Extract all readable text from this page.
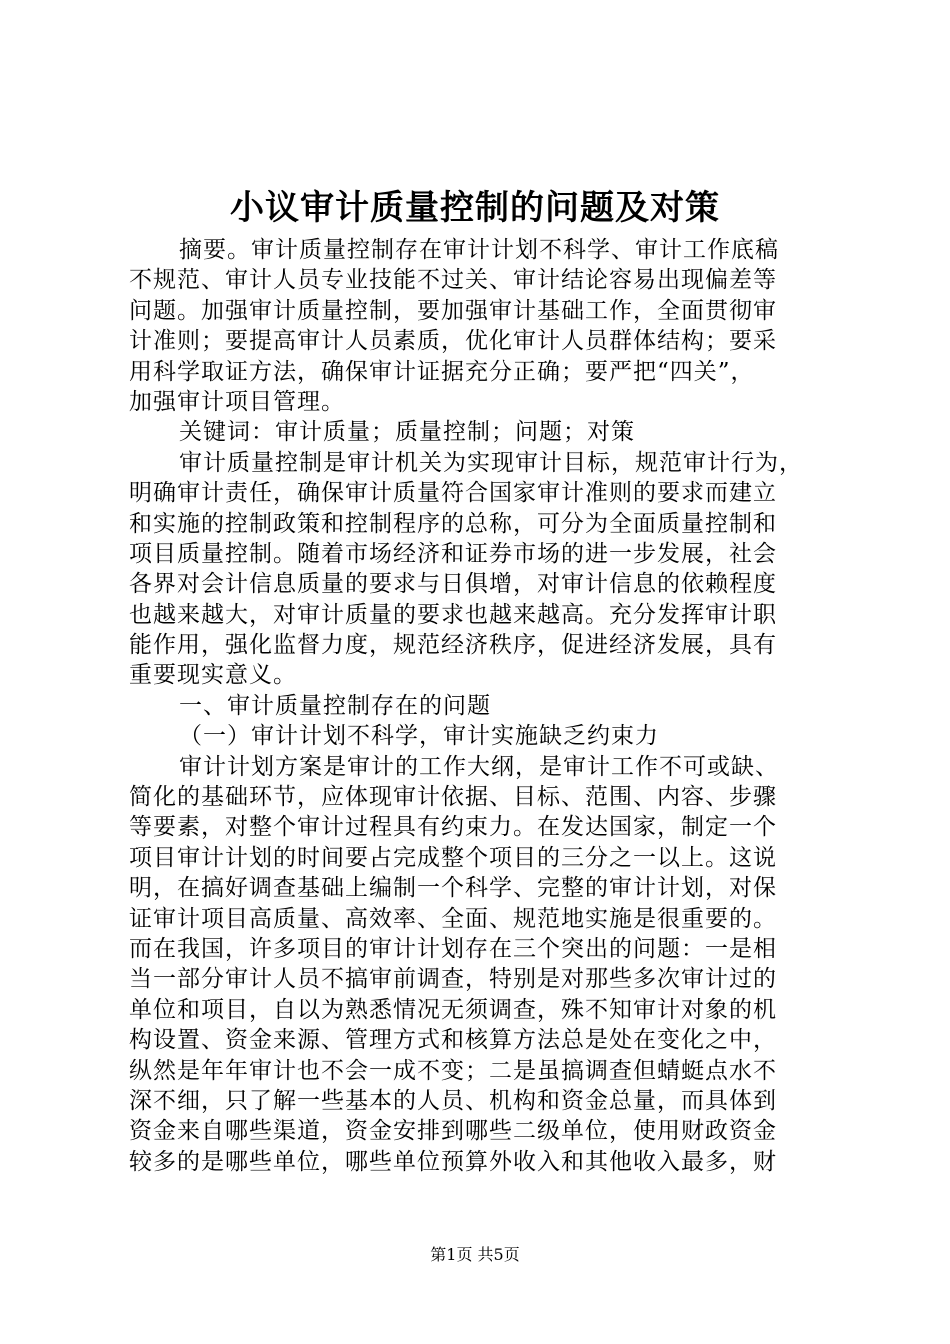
小议审计质量控制的问题及对策
摘要。审计质量控制存在审计计划不科学、审计工作底稿
不规范、审计人员专业技能不过关、审计结论容易出现偏差等
问题。加强审计质量控制，要加强审计基础工作，全面贯彻审
计准则；要提高审计人员素质，优化审计人员群体结构；要采
用科学取证方法，确保审计证据充分正确；要严把“四关”，
加强审计项目管理。
关键词：审计质量；质量控制；问题；对策
审计质量控制是审计机关为实现审计目标，规范审计行为，
明确审计责任，确保审计质量符合国家审计准则的要求而建立
和实施的控制政策和控制程序的总称，可分为全面质量控制和
项目质量控制。随着市场经济和证券市场的进一步发展，社会
各界对会计信息质量的要求与日俱增，对审计信息的依赖程度
也越来越大，对审计质量的要求也越来越高。充分发挥审计职
能作用，强化监督力度，规范经济秩序，促进经济发展，具有
重要现实意义。
一、审计质量控制存在的问题
（一）审计计划不科学，审计实施缺乏约束力
审计计划方案是审计的工作大纲，是审计工作不可或缺、
简化的基础环节，应体现审计依据、目标、范围、内容、步骤
等要素，对整个审计过程具有约束力。在发达国家，制定一个
项目审计计划的时间要占完成整个项目的三分之一以上。这说
明，在搞好调查基础上编制一个科学、完整的审计计划，对保
证审计项目高质量、高效率、全面、规范地实施是很重要的。
而在我国，许多项目的审计计划存在三个突出的问题：一是相
当一部分审计人员不搞审前调查，特别是对那些多次审计过的
单位和项目，自以为熟悉情况无须调查，殊不知审计对象的机
构设置、资金来源、管理方式和核算方法总是处在变化之中，
纵然是年年审计也不会一成不变；二是虽搞调查但蜻蜓点水不
深不细，只了解一些基本的人员、机构和资金总量，而具体到
资金来自哪些渠道，资金安排到哪些二级单位，使用财政资金
较多的是哪些单位，哪些单位预算外收入和其他收入最多，财
第1页 共5页
